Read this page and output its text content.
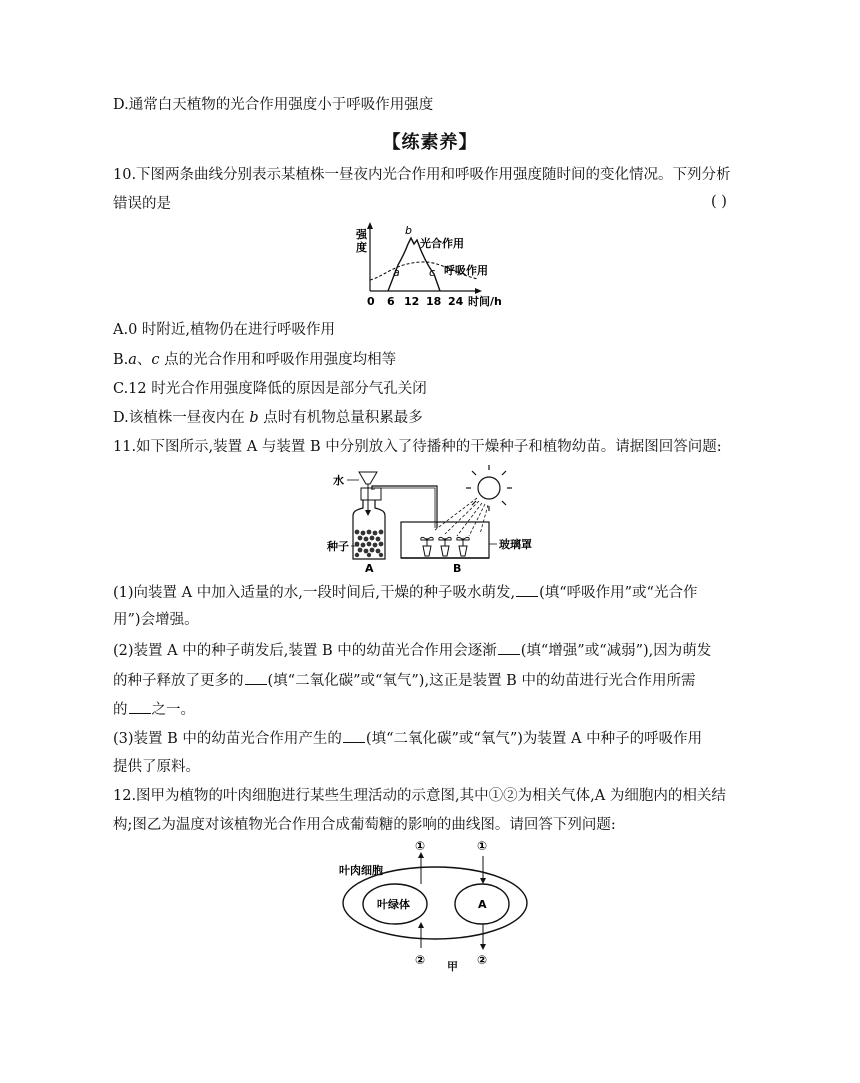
D.通常白天植物的光合作用强度小于呼吸作用强度
【练素养】
10.下图两条曲线分别表示某植株一昼夜内光合作用和呼吸作用强度随时间的变化情况。下列分析
错误的是	( )
强 度
a
b
c
光合作用
呼吸作用
0 6 12 18 24 时间/h
A.0 时附近,植物仍在进行呼吸作用
B.a、c 点的光合作用和呼吸作用强度均相等
C.12 时光合作用强度降低的原因是部分气孔关闭
D.该植株一昼夜内在 b 点时有机物总量积累最多
11.如下图所示,装置 A 与装置 B 中分别放入了待播种的干燥种子和植物幼苗。请据图回答问题:
水
种子
A	B
玻璃罩
(1)向装置 A 中加入适量的水,一段时间后,干燥的种子吸水萌发, (填“呼吸作用”或“光合作
用”)会增强。
(2)装置 A 中的种子萌发后,装置 B 中的幼苗光合作用会逐渐 (填“增强”或“减弱”),因为萌发
的种子释放了更多的 (填“二氧化碳”或“氧气”),这正是装置 B 中的幼苗进行光合作用所需
的 之一。
(3)装置 B 中的幼苗光合作用产生的 (填“二氧化碳”或“氧气”)为装置 A 中种子的呼吸作用
提供了原料。
12.图甲为植物的叶肉细胞进行某些生理活动的示意图,其中①②为相关气体,A 为细胞内的相关结
构;图乙为温度对该植物光合作用合成葡萄糖的影响的曲线图。请回答下列问题:
叶肉细胞
叶绿体	A
①
②
①
②
甲
